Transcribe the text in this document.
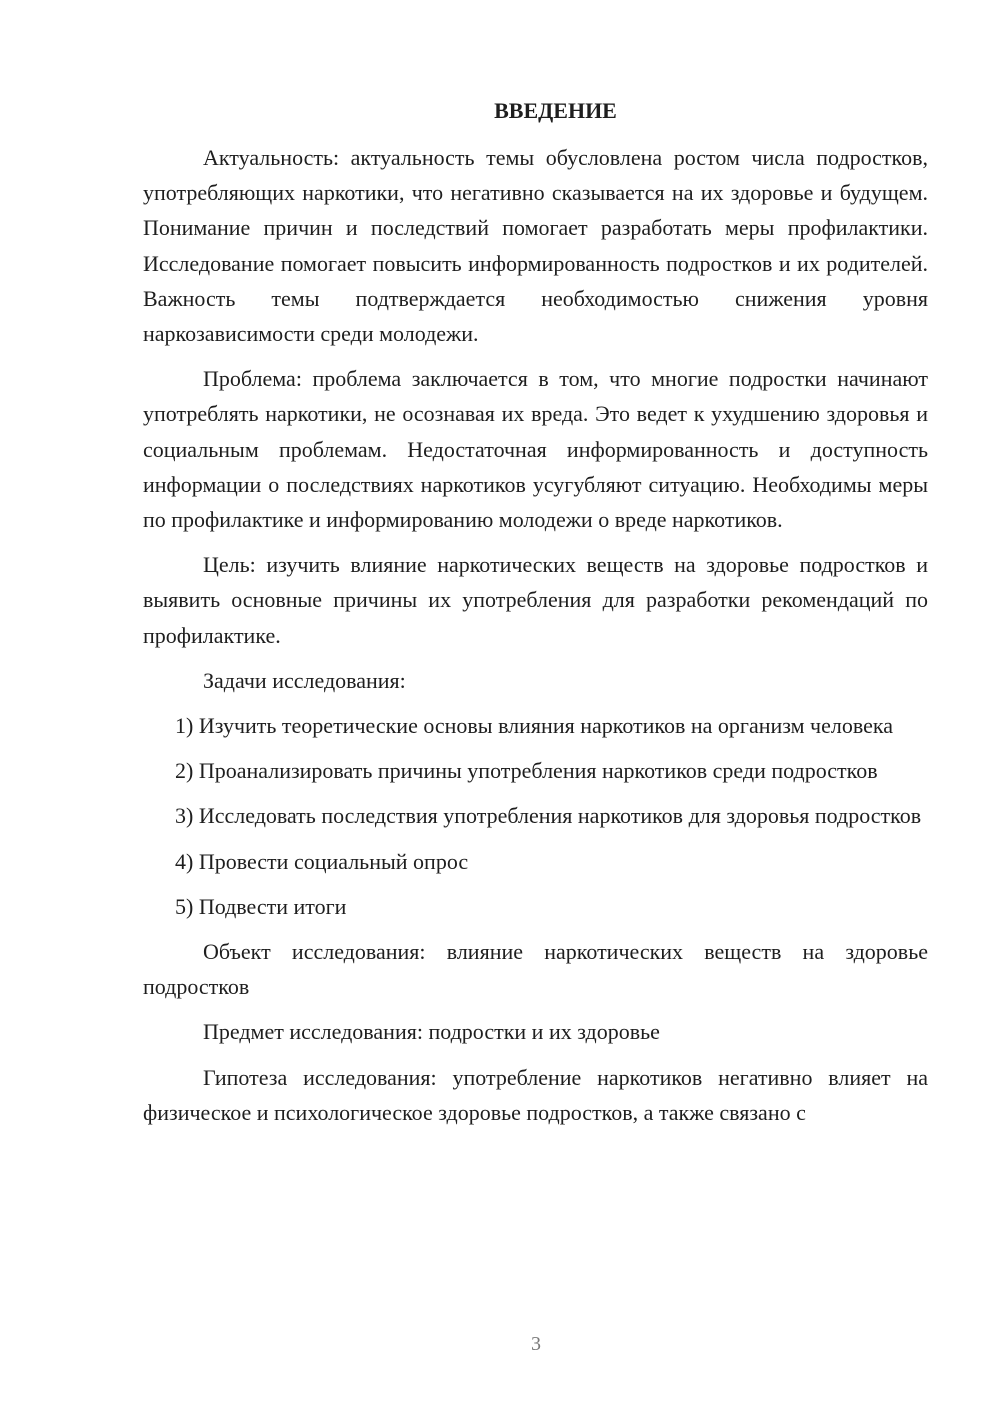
ВВЕДЕНИЕ

Актуальность: актуальность темы обусловлена ростом числа подростков, употребляющих наркотики, что негативно сказывается на их здоровье и будущем. Понимание причин и последствий помогает разработать меры профилактики. Исследование помогает повысить информированность подростков и их родителей. Важность темы подтверждается необходимостью снижения уровня наркозависимости среди молодежи.

Проблема: проблема заключается в том, что многие подростки начинают употреблять наркотики, не осознавая их вреда. Это ведет к ухудшению здоровья и социальным проблемам. Недостаточная информированность и доступность информации о последствиях наркотиков усугубляют ситуацию. Необходимы меры по профилактике и информированию молодежи о вреде наркотиков.

Цель: изучить влияние наркотических веществ на здоровье подростков и выявить основные причины их употребления для разработки рекомендаций по профилактике.

Задачи исследования:

1) Изучить теоретические основы влияния наркотиков на организм человека

2) Проанализировать причины употребления наркотиков среди подростков

3) Исследовать последствия употребления наркотиков для здоровья подростков

4) Провести социальный опрос

5) Подвести итоги

Объект исследования: влияние наркотических веществ на здоровье подростков

Предмет исследования: подростки и их здоровье

Гипотеза исследования: употребление наркотиков негативно влияет на физическое и психологическое здоровье подростков, а также связано с

3
